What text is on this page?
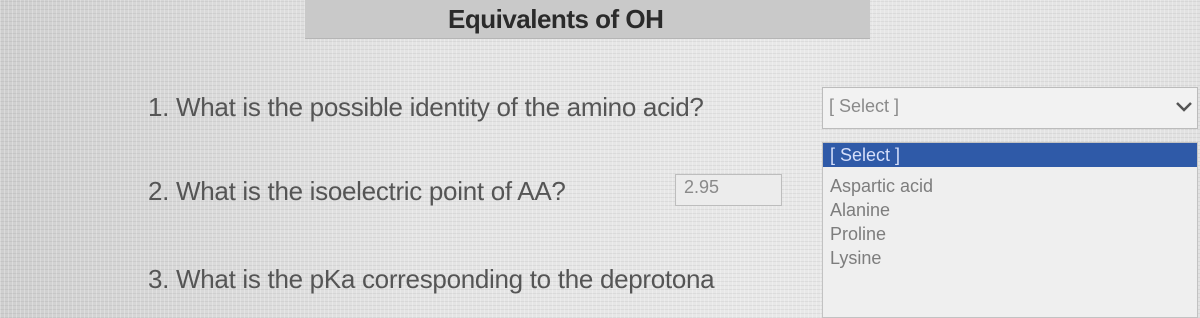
Equivalents of OH
1. What is the possible identity of the amino acid?
2. What is the isoelectric point of AA?
3. What is the pKa corresponding to the deprotona
2.95
[ Select ]
[ Select ]
Aspartic acid
Alanine
Proline
Lysine
